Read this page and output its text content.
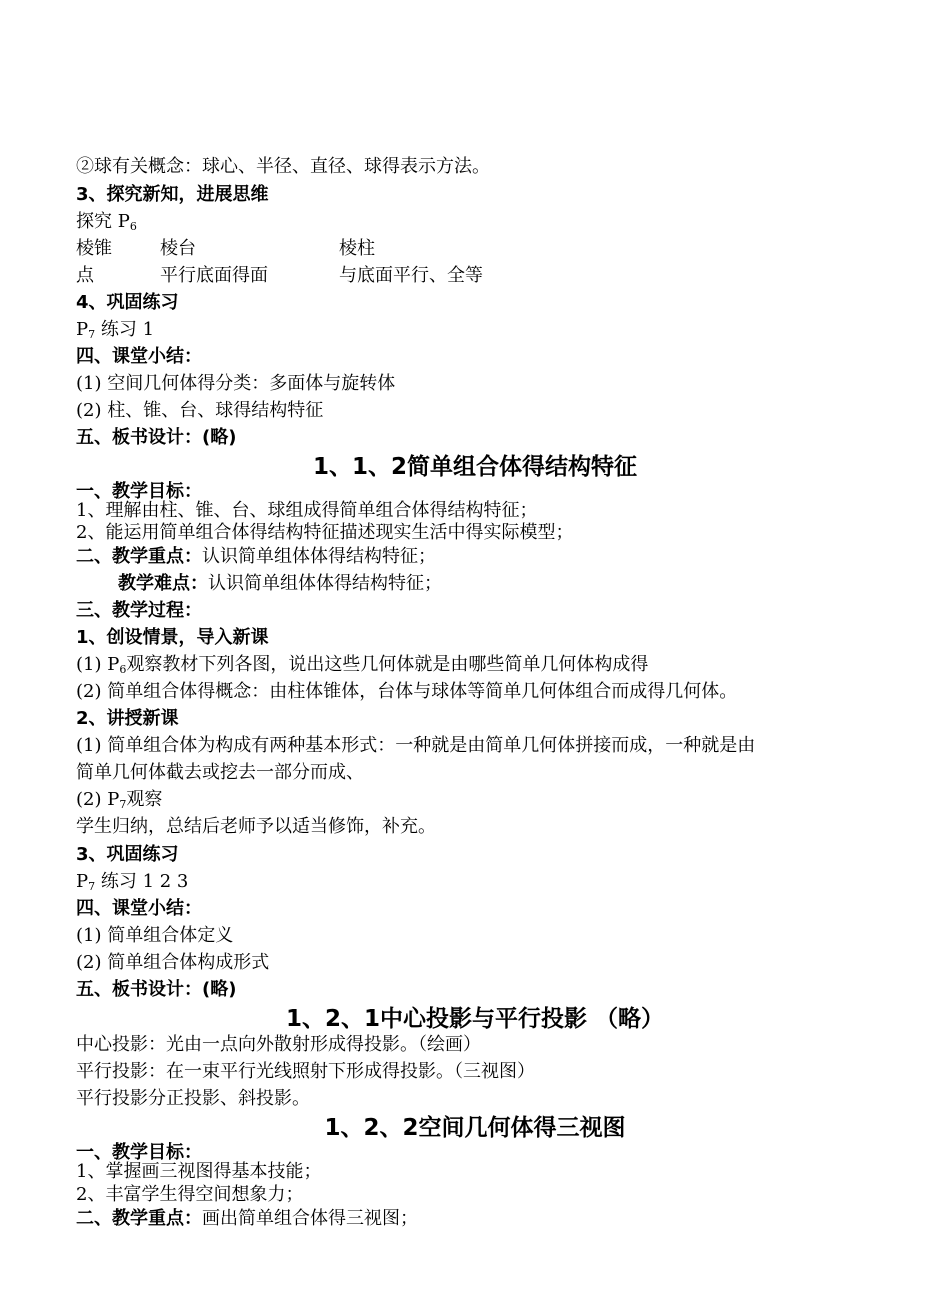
②球有关概念：球心、半径、直径、球得表示方法。
3、探究新知，进展思维
探究 $P_6$
棱锥	棱台	棱柱
点	平行底面得面	与底面平行、全等
4、巩固练习
$P_7$ 练习 1
四、课堂小结：
(1) 空间几何体得分类：多面体与旋转体
(2) 柱、锥、台、球得结构特征
五、板书设计：(略)
1、1、2简单组合体得结构特征
一、教学目标：
1、理解由柱、锥、台、球组成得简单组合体得结构特征；
2、能运用简单组合体得结构特征描述现实生活中得实际模型；
二、教学重点：认识简单组体体得结构特征；
教学难点：认识简单组体体得结构特征；
三、教学过程：
1、创设情景，导入新课
(1) $P_6$观察教材下列各图，说出这些几何体就是由哪些简单几何体构成得
(2) 简单组合体得概念：由柱体锥体，台体与球体等简单几何体组合而成得几何体。
2、讲授新课
(1) 简单组合体为构成有两种基本形式：一种就是由简单几何体拼接而成，一种就是由
简单几何体截去或挖去一部分而成、
(2) $P_7$观察
学生归纳，总结后老师予以适当修饰，补充。
3、巩固练习
$P_7$ 练习 1 2 3
四、课堂小结：
(1) 简单组合体定义
(2) 简单组合体构成形式
五、板书设计：(略)
1、2、1中心投影与平行投影 （略）
中心投影：光由一点向外散射形成得投影。（绘画）
平行投影：在一束平行光线照射下形成得投影。（三视图）
平行投影分正投影、斜投影。
1、2、2空间几何体得三视图
一、教学目标：
1、掌握画三视图得基本技能；
2、丰富学生得空间想象力；
二、教学重点：画出简单组合体得三视图；
